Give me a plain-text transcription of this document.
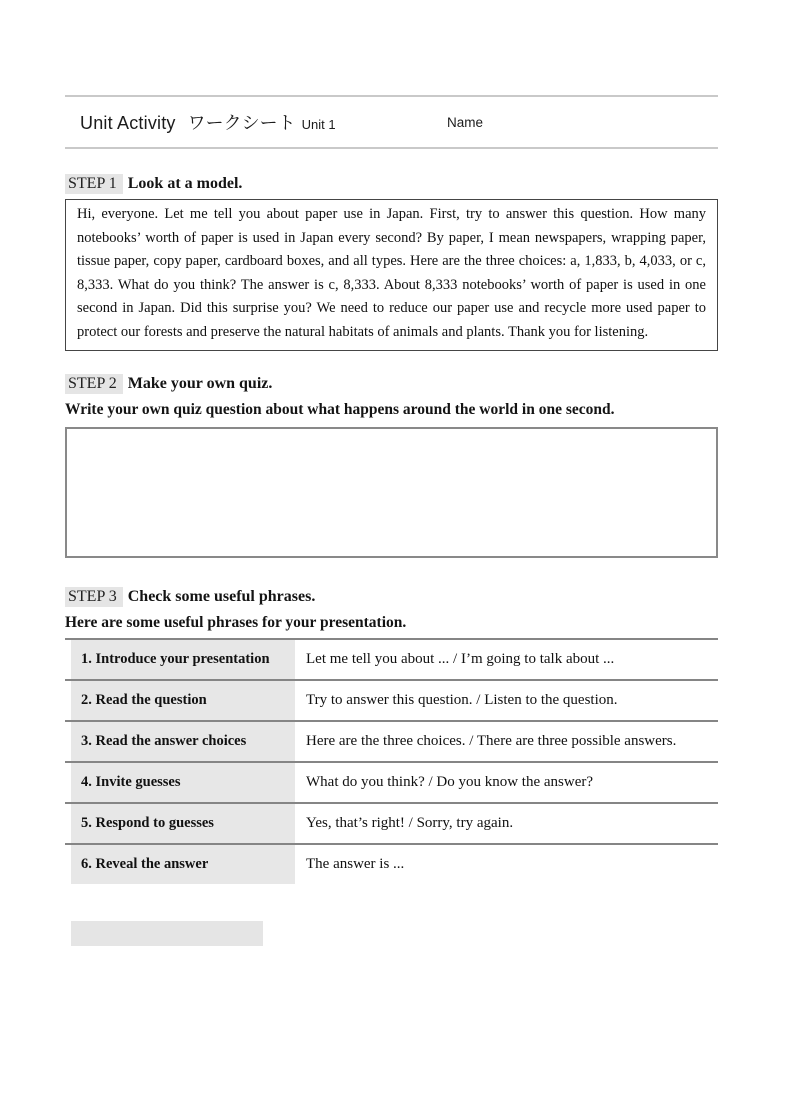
Unit Activity ワークシート Unit 1	Name
STEP 1 Look at a model.
Hi, everyone. Let me tell you about paper use in Japan. First, try to answer this question. How many notebooks’ worth of paper is used in Japan every second? By paper, I mean newspapers, wrapping paper, tissue paper, copy paper, cardboard boxes, and all types. Here are the three choices: a, 1,833, b, 4,033, or c, 8,333. What do you think? The answer is c, 8,333. About 8,333 notebooks’ worth of paper is used in one second in Japan. Did this surprise you? We need to reduce our paper use and recycle more used paper to protect our forests and preserve the natural habitats of animals and plants. Thank you for listening.
STEP 2 Make your own quiz.
Write your own quiz question about what happens around the world in one second.
STEP 3 Check some useful phrases.
Here are some useful phrases for your presentation.
1. Introduce your presentation	Let me tell you about ... / I’m going to talk about ...
2. Read the question	Try to answer this question. / Listen to the question.
3. Read the answer choices	Here are the three choices. / There are three possible answers.
4. Invite guesses	What do you think? / Do you know the answer?
5. Respond to guesses	Yes, that’s right! / Sorry, try again.
6. Reveal the answer	The answer is ...
